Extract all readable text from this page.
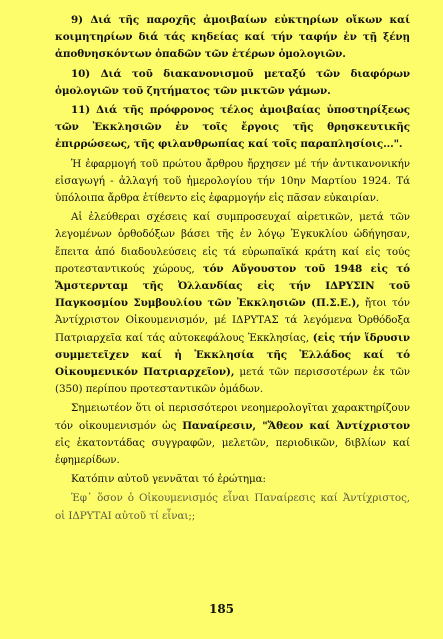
9) Διά τῆς παροχῆς ἀμοιβαίων εὐκτηρίων οἴκων καί κοιμητηρίων διά τάς κηδείας καί τήν ταφήν ἐν τῇ ξένῃ ἀποθνησκόντων ὀπαδῶν τῶν ἑτέρων ὁμολογιῶν.

10) Διά τοῦ διακανονισμοῦ μεταξύ τῶν διαφόρων ὁμολογιῶν τοῦ ζητήματος τῶν μικτῶν γάμων.

11) Διά τῆς πρόφρονος τέλος ἀμοιβαίας ὑποστηρίξεως τῶν Ἐκκλησιῶν ἐν τοῖς ἔργοις τῆς θρησκευτικῆς ἐπιρρώσεως, τῆς φιλανθρωπίας καί τοῖς παραπλησίοις...".

Ἡ ἐφαρμογή τοῦ πρώτου ἄρθρου ἤρχησεν μέ τήν ἀντικανονικήν εἰσαγωγή - ἀλλαγή τοῦ ἡμερολογίου τήν 10ην Μαρτίου 1924. Τά ὑπόλοιπα ἄρθρα ἐτίθεντο εἰς ἐφαρμογήν εἰς πᾶσαν εὐκαιρίαν.

Αἱ ἐλεύθεραι σχέσεις καί συμπροσευχαί αἱρετικῶν, μετά τῶν λεγομένων ὀρθοδόξων βάσει τῆς ἐν λόγῳ Ἐγκυκλίου ὡδήγησαν, ἔπειτα ἀπό διαδουλεύσεις εἰς τά εὐρωπαϊκά κράτη καί εἰς τούς προτεσταντικούς χώρους, τόν Αὔγουστον τοῦ 1948 εἰς τό Ἄμστερνταμ τῆς Ὀλλανδίας εἰς τήν ΙΔΡΥΣΙΝ τοῦ Παγκοσμίου Συμβουλίου τῶν Ἐκκλησιῶν (Π.Σ.Ε.), ἤτοι τόν Ἀντίχριστον Οἰκουμενισμόν, μέ ΙΔΡΥΤΑΣ τά λεγόμενα Ὀρθόδοξα Πατριαρχεῖα καί τάς αὐτοκεφάλους Ἐκκλησίας, (εἰς τήν ἵδρυσιν συμμετεῖχεν καί ἡ Ἐκκλησία τῆς Ἑλλάδος καί τό Οἰκουμενικόν Πατριαρχεῖον), μετά τῶν περισσοτέρων ἐκ τῶν (350) περίπου προτεσταντικῶν ὁμάδων.

Σημειωτέον ὅτι οἱ περισσότεροι νεοημερολογῖται χαρακτηρίζουν τόν οἰκουμενισμόν ὡς Παναίρεσιν, "Ἄθεον καί Ἀντίχριστον εἰς ἑκατοντάδας συγγραφῶν, μελετῶν, περιοδικῶν, διβλίων καί ἐφημερίδων.

Κατόπιν αὐτοῦ γεννᾶται τό ἐρώτημα:

Ἐφ᾽ ὅσον ὁ Οἰκουμενισμός εἶναι Παναίρεσις καί Ἀντίχριστος, οἱ ΙΔΡΥΤΑΙ αὐτοῦ τί εἶναι;;

185
